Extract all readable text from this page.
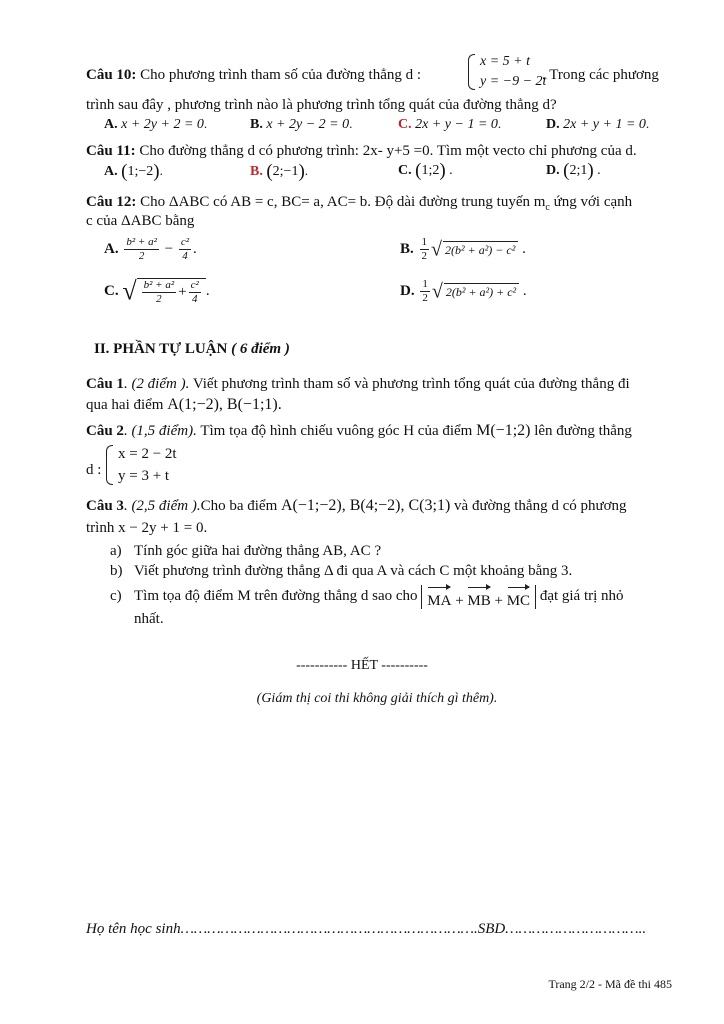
Câu 10: Cho phương trình tham số của đường thẳng d :
x = 5 + t
y = −9 − 2t
. Trong các phương
trình sau đây , phương trình nào là phương trình tổng quát của đường thẳng d?
A. x + 2y + 2 = 0.	B. x + 2y − 2 = 0.	C. 2x + y − 1 = 0.	D. 2x + y + 1 = 0.
Câu 11: Cho đường thẳng d có phương trình: 2x- y+5 =0. Tìm một vecto chỉ phương của d.
A. (1;−2).	B. (2;−1).	C. (1;2) .	D. (2;1) .
Câu 12: Cho ΔABC có AB = c, BC= a, AC= b. Độ dài đường trung tuyến $m_c$ ứng với cạnh
c của ΔABC bằng
A. $\frac{\text{b² + a²}}{2} - \frac{\text{c²}}{4}$ .	B. $\frac{1}{2}$ √ 2(b² + a²) − c² .
C. √ $\frac{\text{b² + a²}}{2} + \frac{\text{c²}}{4}$ .	D. $\frac{1}{2}$ √ 2(b² + a²) + c² .
II. PHẦN TỰ LUẬN ( 6 điểm )
Câu 1. (2 điểm ). Viết phương trình tham số và phương trình tổng quát của đường thẳng đi
qua hai điểm A(1;−2), B(−1;1).
Câu 2. (1,5 điểm). Tìm tọa độ hình chiếu vuông góc H của điểm M(−1;2) lên đường thẳng
d :
x = 2 − 2t
y = 3 + t
Câu 3. (2,5 điểm ).Cho ba điểm A(−1;−2), B(4;−2), C(3;1) và đường thẳng d có phương
trình x − 2y + 1 = 0.
a) Tính góc giữa hai đường thẳng AB, AC ?
b) Viết phương trình đường thẳng Δ đi qua A và cách C một khoảng bằng 3.
c) Tìm tọa độ điểm M trên đường thẳng d sao cho MA + MB + MC đạt giá trị nhỏ
nhất.
----------- HẾT ----------
(Giám thị coi thi không giải thích gì thêm).
Họ tên học sinh………………………………………………………….SBD…………………………..
Trang 2/2 - Mã đề thi 485
